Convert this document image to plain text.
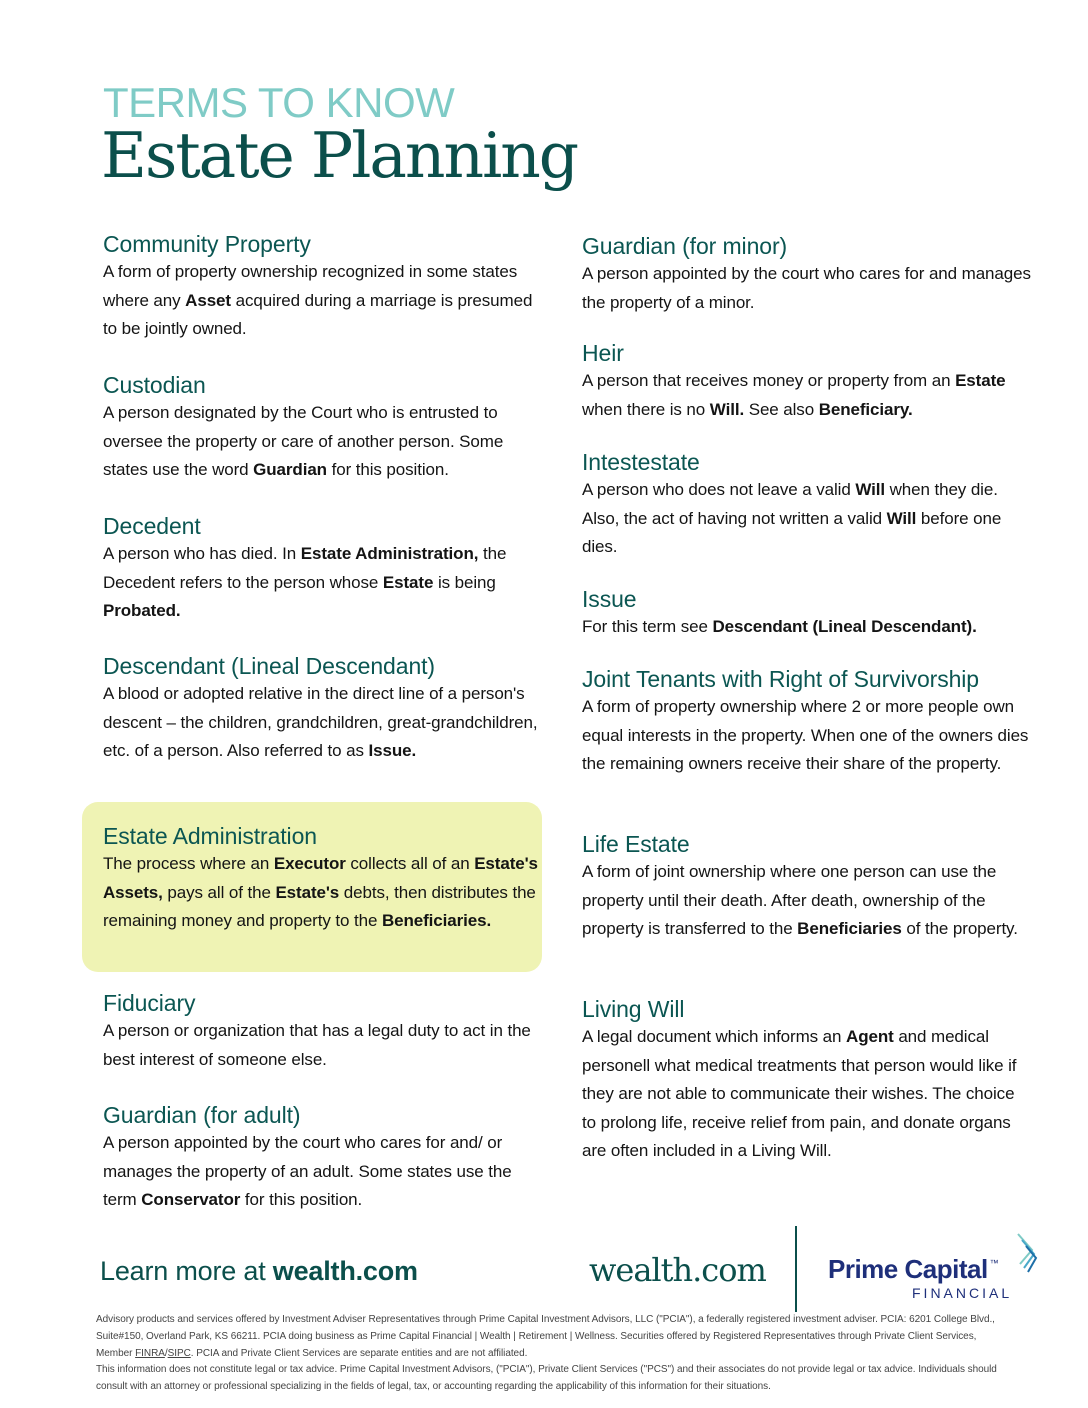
TERMS TO KNOW
Estate Planning
Community Property
A form of property ownership recognized in some states where any Asset acquired during a marriage is presumed to be jointly owned.
Custodian
A person designated by the Court who is entrusted to oversee the property or care of another person. Some states use the word Guardian for this position.
Decedent
A person who has died. In Estate Administration, the Decedent refers to the person whose Estate is being Probated.
Descendant (Lineal Descendant)
A blood or adopted relative in the direct line of a person's descent – the children, grandchildren, great-grandchildren, etc. of a person. Also referred to as Issue.
Estate Administration
The process where an Executor collects all of an Estate's Assets, pays all of the Estate's debts, then distributes the remaining money and property to the Beneficiaries.
Fiduciary
A person or organization that has a legal duty to act in the best interest of someone else.
Guardian (for adult)
A person appointed by the court who cares for and/ or manages the property of an adult. Some states use the term Conservator for this position.
Guardian (for minor)
A person appointed by the court who cares for and manages the property of a minor.
Heir
A person that receives money or property from an Estate when there is no Will. See also Beneficiary.
Intestestate
A person who does not leave a valid Will when they die. Also, the act of having not written a valid Will before one dies.
Issue
For this term see Descendant (Lineal Descendant).
Joint Tenants with Right of Survivorship
A form of property ownership where 2 or more people own equal interests in the property. When one of the owners dies the remaining owners receive their share of the property.
Life Estate
A form of joint ownership where one person can use the property until their death. After death, ownership of the property is transferred to the Beneficiaries of the property.
Living Will
A legal document which informs an Agent and medical personell what medical treatments that person would like if they are not able to communicate their wishes. The choice to prolong life, receive relief from pain, and donate organs are often included in a Living Will.
Learn more at wealth.com	wealth.com Prime Capital ™
FINANCIAL

Advisory products and services offered by Investment Adviser Representatives through Prime Capital Investment Advisors, LLC ("PCIA"), a federally registered investment adviser. PCIA: 6201 College Blvd., Suite#150, Overland Park, KS 66211. PCIA doing business as Prime Capital Financial | Wealth | Retirement | Wellness. Securities offered by Registered Representatives through Private Client Services, Member FINRA/SIPC. PCIA and Private Client Services are separate entities and are not affiliated.

This information does not constitute legal or tax advice. Prime Capital Investment Advisors, ("PCIA"), Private Client Services ("PCS") and their associates do not provide legal or tax advice. Individuals should consult with an attorney or professional specializing in the fields of legal, tax, or accounting regarding the applicability of this information for their situations.
